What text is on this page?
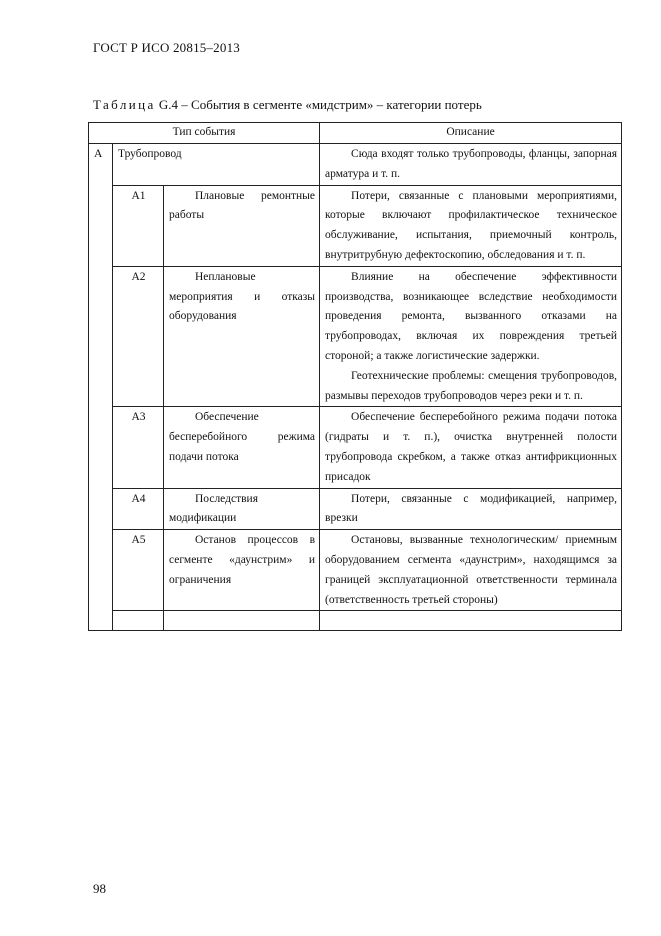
ГОСТ Р ИСО 20815–2013
Таблица G.4 – События в сегменте «мидстрим» – категории потерь
Тип события			Описание
А	Трубопровод		Сюда входят только трубопроводы, фланцы, запорная арматура и т. п.

	А1	Плановые ремонтные работы	Потери, связанные с плановыми мероприятиями, которые включают профилактическое техническое обслуживание, испытания, приемочный контроль, внутритрубную дефектоскопию, обследования и т. п.

	А2	Неплановые мероприятия и отказы оборудования	Влияние на обеспечение эффективности производства, возникающее вследствие необходимости проведения ремонта, вызванного отказами на трубопроводах, включая их повреждения третьей стороной; а также логистические задержки.
Геотехнические проблемы: смещения трубопроводов, размывы переходов трубопроводов через реки и т. п.

	А3	Обеспечение бесперебойного режима подачи потока	Обеспечение бесперебойного режима подачи потока (гидраты и т. п.), очистка внутренней полости трубопровода скребком, а также отказ антифрикционных присадок

	А4	Последствия модификации	Потери, связанные с модификацией, например, врезки

	А5	Останов процессов в сегменте «даунстрим» и ограничения	Остановы, вызванные технологическим/ приемным оборудованием сегмента «даунстрим», находящимся за границей эксплуатационной ответственности терминала (ответственность третьей стороны)

98
